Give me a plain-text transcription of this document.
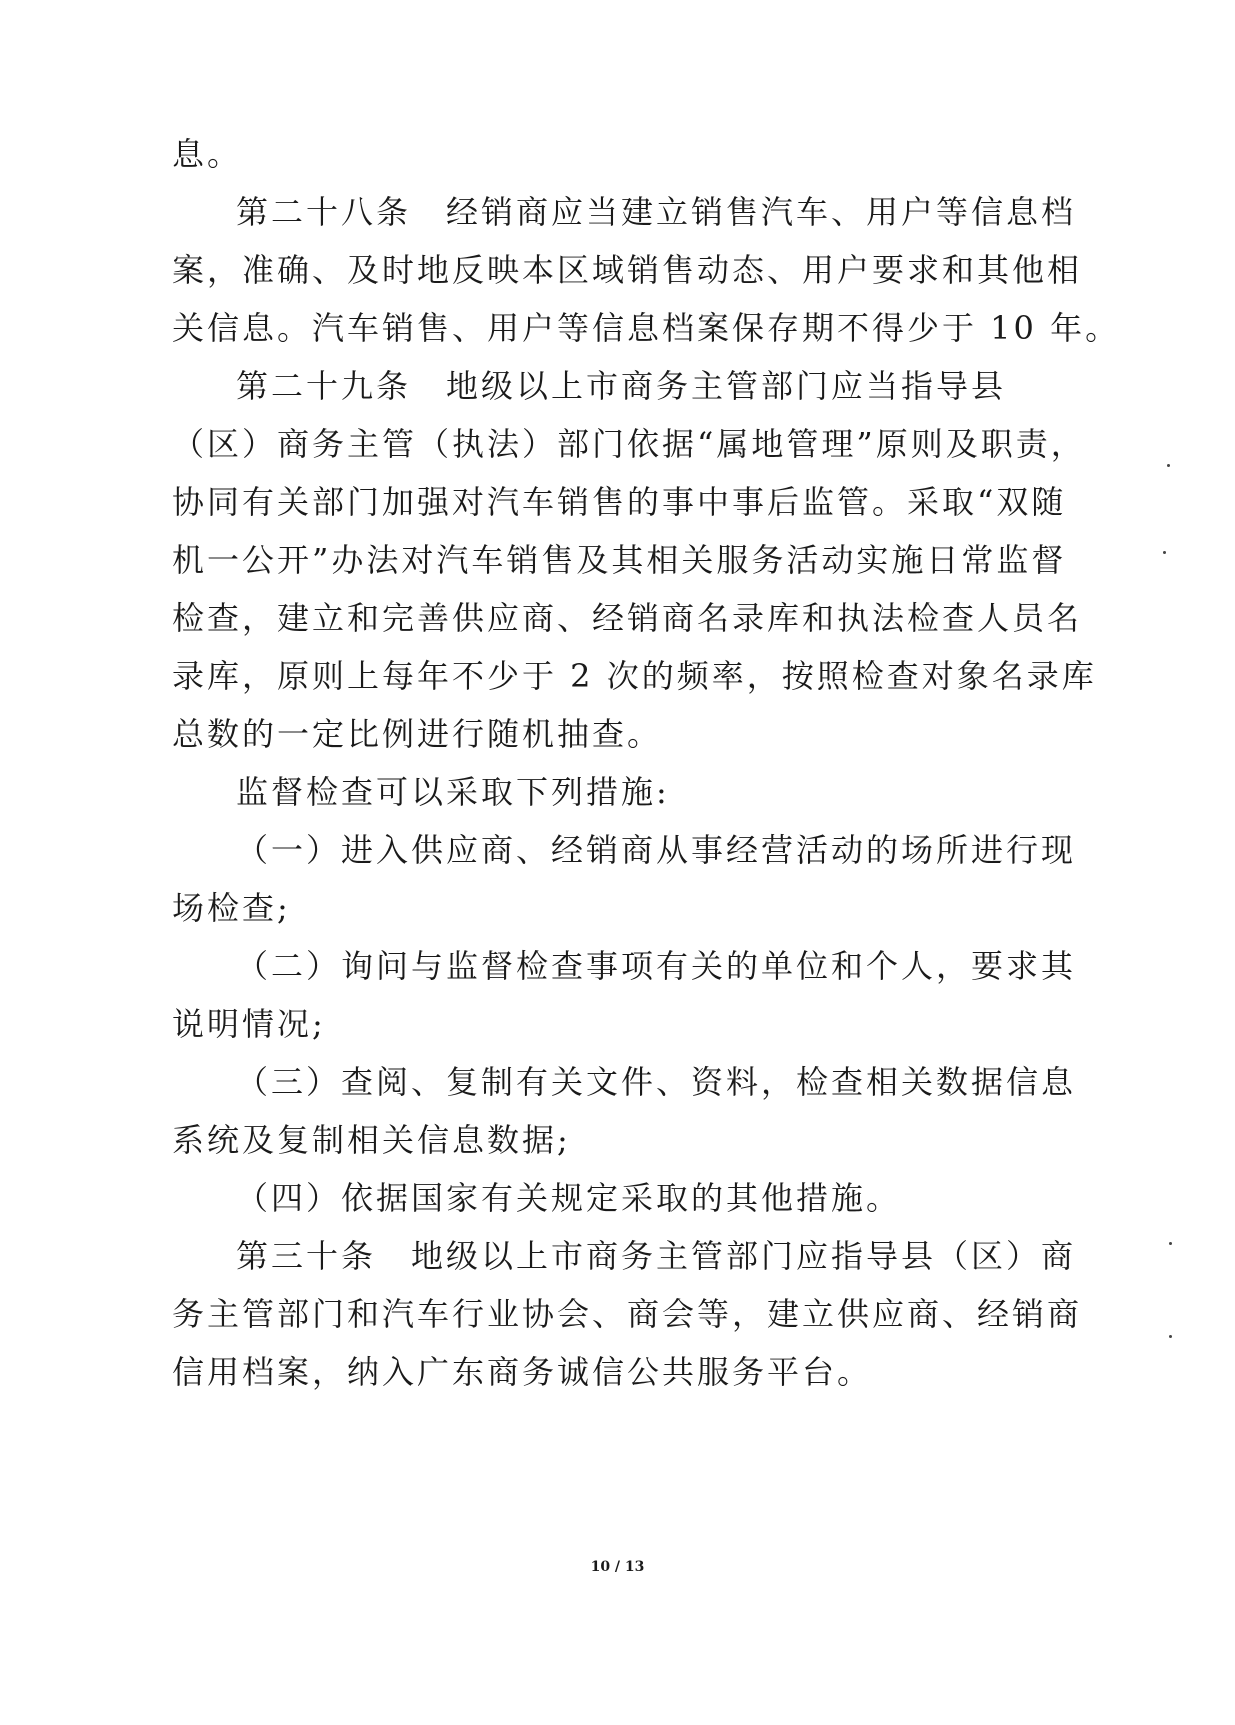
息。
第二十八条　经销商应当建立销售汽车、用户等信息档
案，准确、及时地反映本区域销售动态、用户要求和其他相
关信息。汽车销售、用户等信息档案保存期不得少于 10 年。
第二十九条　地级以上市商务主管部门应当指导县
（区）商务主管（执法）部门依据“属地管理”原则及职责，
协同有关部门加强对汽车销售的事中事后监管。采取“双随
机一公开”办法对汽车销售及其相关服务活动实施日常监督
检查，建立和完善供应商、经销商名录库和执法检查人员名
录库，原则上每年不少于 2 次的频率，按照检查对象名录库
总数的一定比例进行随机抽查。
监督检查可以采取下列措施:
（一）进入供应商、经销商从事经营活动的场所进行现
场检查;
（二）询问与监督检查事项有关的单位和个人，要求其
说明情况;
（三）查阅、复制有关文件、资料，检查相关数据信息
系统及复制相关信息数据;
（四）依据国家有关规定采取的其他措施。
第三十条　地级以上市商务主管部门应指导县（区）商
务主管部门和汽车行业协会、商会等，建立供应商、经销商
信用档案，纳入广东商务诚信公共服务平台。
10 / 13
